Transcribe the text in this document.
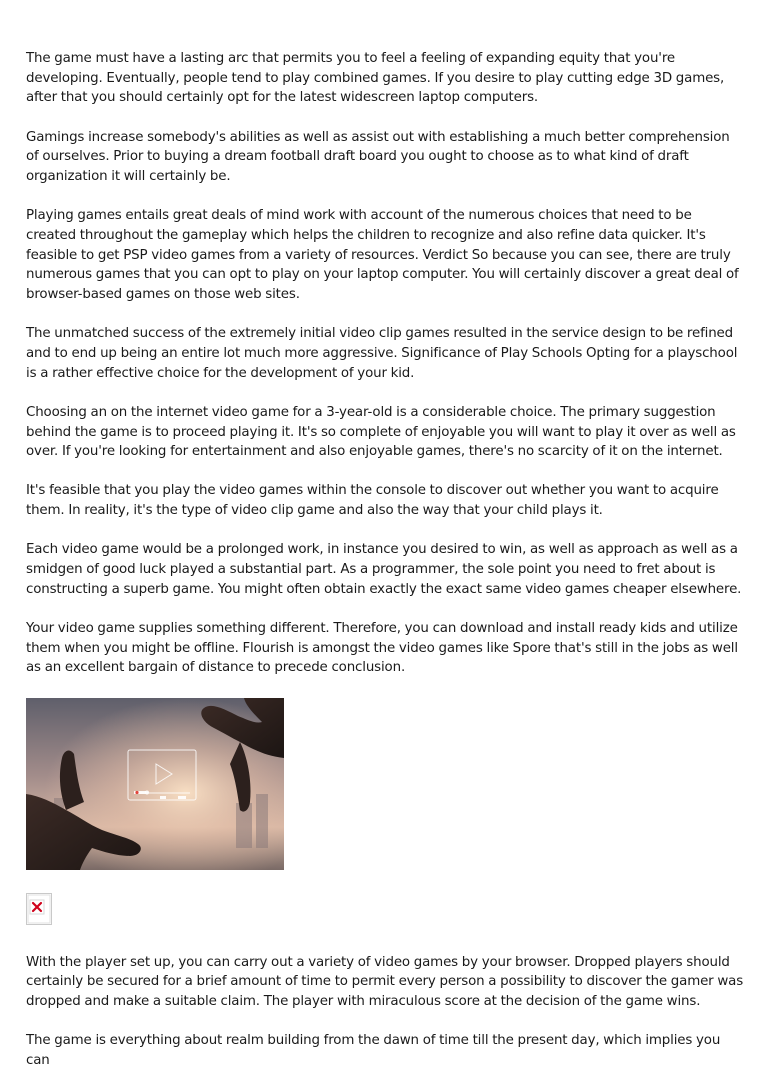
The game must have a lasting arc that permits you to feel a feeling of expanding equity that you're developing. Eventually, people tend to play combined games. If you desire to play cutting edge 3D games, after that you should certainly opt for the latest widescreen laptop computers.

Gamings increase somebody's abilities as well as assist out with establishing a much better comprehension of ourselves. Prior to buying a dream football draft board you ought to choose as to what kind of draft organization it will certainly be.

Playing games entails great deals of mind work with account of the numerous choices that need to be created throughout the gameplay which helps the children to recognize and also refine data quicker. It's feasible to get PSP video games from a variety of resources. Verdict So because you can see, there are truly numerous games that you can opt to play on your laptop computer. You will certainly discover a great deal of browser-based games on those web sites.

The unmatched success of the extremely initial video clip games resulted in the service design to be refined and to end up being an entire lot much more aggressive. Significance of Play Schools Opting for a playschool is a rather effective choice for the development of your kid.

Choosing an on the internet video game for a 3-year-old is a considerable choice. The primary suggestion behind the game is to proceed playing it. It's so complete of enjoyable you will want to play it over as well as over. If you're looking for entertainment and also enjoyable games, there's no scarcity of it on the internet.

It's feasible that you play the video games within the console to discover out whether you want to acquire them. In reality, it's the type of video clip game and also the way that your child plays it.

Each video game would be a prolonged work, in instance you desired to win, as well as approach as well as a smidgen of good luck played a substantial part. As a programmer, the sole point you need to fret about is constructing a superb game. You might often obtain exactly the exact same video games cheaper elsewhere.

Your video game supplies something different. Therefore, you can download and install ready kids and utilize them when you might be offline. Flourish is amongst the video games like Spore that's still in the jobs as well as an excellent bargain of distance to precede conclusion.

With the player set up, you can carry out a variety of video games by your browser. Dropped players should certainly be secured for a brief amount of time to permit every person a possibility to discover the gamer was dropped and make a suitable claim. The player with miraculous score at the decision of the game wins.

The game is everything about realm building from the dawn of time till the present day, which implies you can
